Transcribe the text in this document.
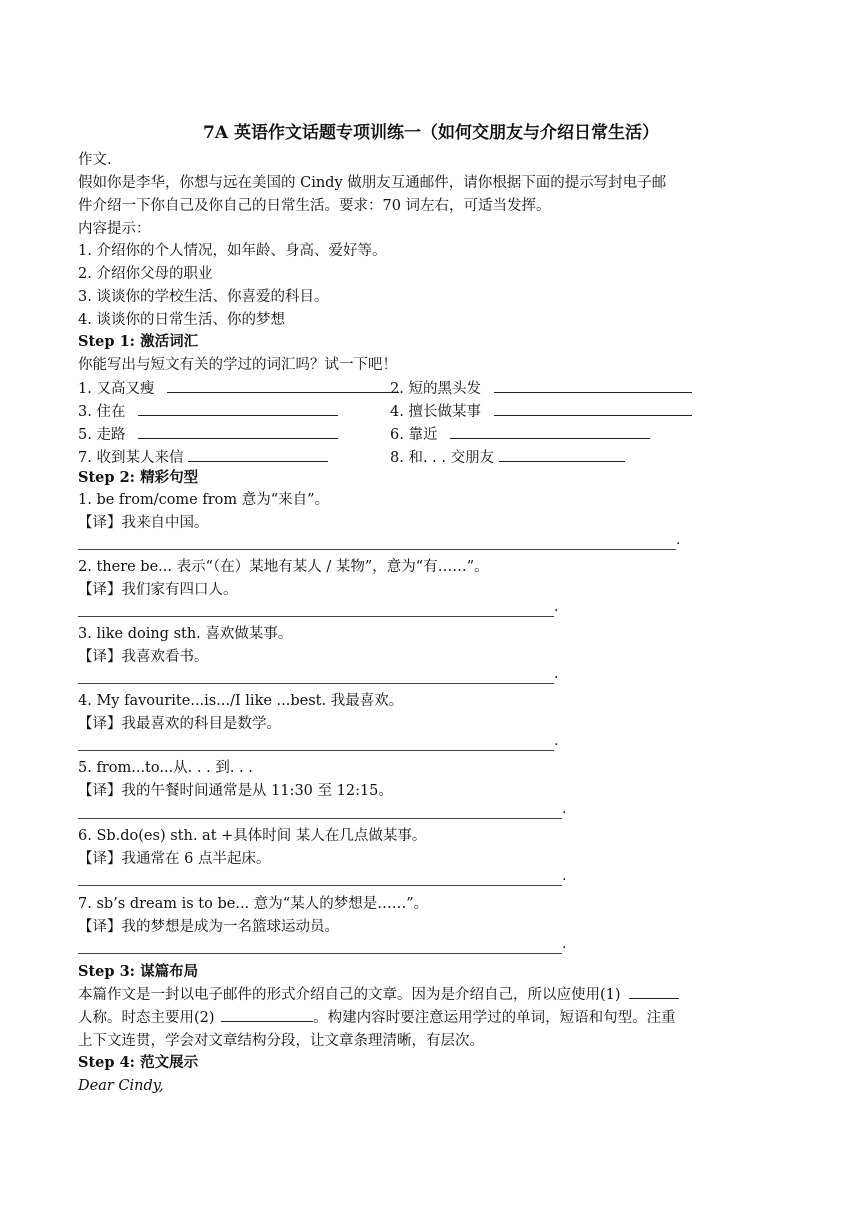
7A 英语作文话题专项训练一（如何交朋友与介绍日常生活）
作文.
假如你是李华，你想与远在美国的 Cindy 做朋友互通邮件，请你根据下面的提示写封电子邮
件介绍一下你自己及你自己的日常生活。要求：70 词左右，可适当发挥。
内容提示：
1. 介绍你的个人情况，如年龄、身高、爱好等。
2. 介绍你父母的职业
3. 谈谈你的学校生活、你喜爱的科目。
4. 谈谈你的日常生活、你的梦想
Step 1: 激活词汇
你能写出与短文有关的学过的词汇吗？试一下吧！
1. 又高又瘦	2. 短的黑头发
3. 住在	4. 擅长做某事
5. 走路	6. 靠近
7. 收到某人来信	8. 和. . . 交朋友
Step 2: 精彩句型
1. be from/come from 意为“来自”。
【译】我来自中国。
.
2. there be... 表示“（在）某地有某人 / 某物”，意为“有……”。
【译】我们家有四口人。
.
3. like doing sth. 喜欢做某事。
【译】我喜欢看书。
.
4. My favourite...is.../I like ...best. 我最喜欢。
【译】我最喜欢的科目是数学。
.
5. from...to...从. . . 到. . .
【译】我的午餐时间通常是从 11:30 至 12:15。
.
6. Sb.do(es) sth. at +具体时间 某人在几点做某事。
【译】我通常在 6 点半起床。
.
7. sb’s dream is to be... 意为“某人的梦想是……”。
【译】我的梦想是成为一名篮球运动员。
.
Step 3: 谋篇布局
本篇作文是一封以电子邮件的形式介绍自己的文章。因为是介绍自己，所以应使用(1)
人称。时态主要用(2)	。构建内容时要注意运用学过的单词，短语和句型。注重
上下文连贯，学会对文章结构分段，让文章条理清晰，有层次。
Step 4: 范文展示
Dear Cindy,
